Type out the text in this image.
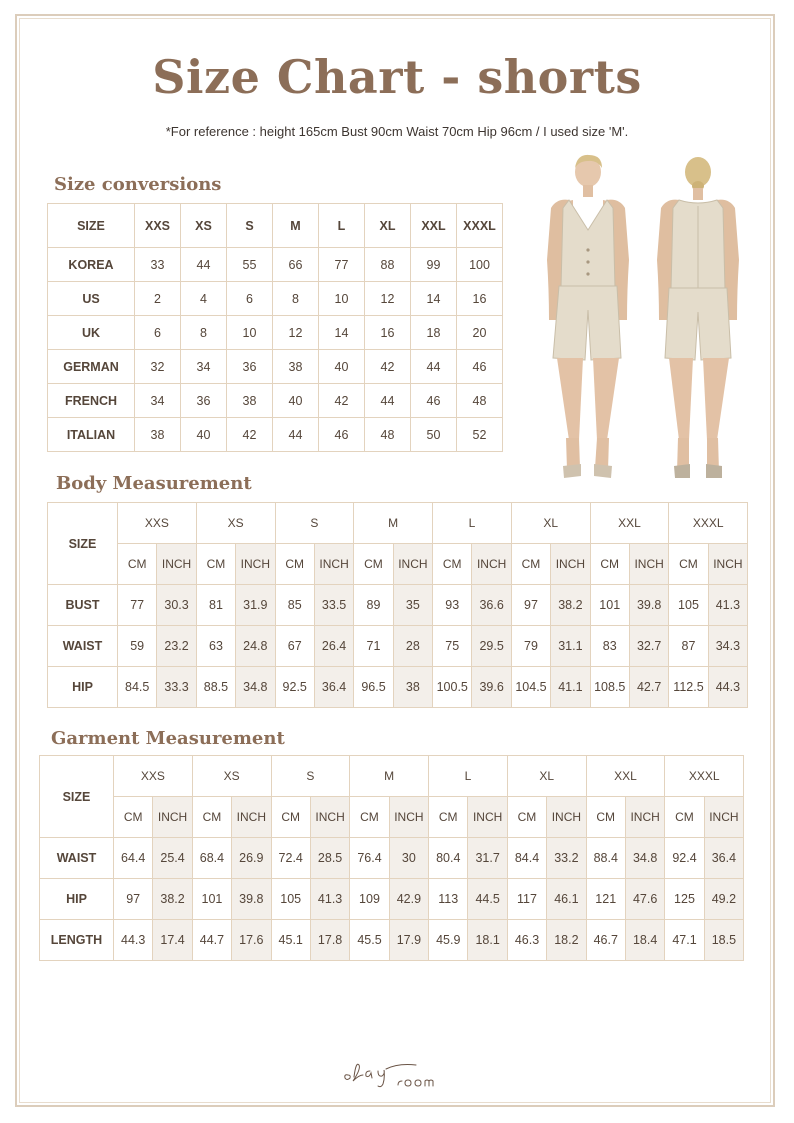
Size Chart - shorts
*For reference : height 165cm Bust 90cm Waist 70cm Hip 96cm / I used size 'M'.
Size conversions
SIZE	XXS	XS	S	M	L	XL	XXL	XXXL
KOREA	33	44	55	66	77	88	99	100
US	2	4	6	8	10	12	14	16
UK	6	8	10	12	14	16	18	20
GERMAN	32	34	36	38	40	42	44	46
FRENCH	34	36	38	40	42	44	46	48
ITALIAN	38	40	42	44	46	48	50	52
Body Measurement
SIZE	XXS		XS		S		M		L		XL		XXL		XXXL	
	CM	INCH	CM	INCH	CM	INCH	CM	INCH	CM	INCH	CM	INCH	CM	INCH	CM	INCH
BUST	77	30.3	81	31.9	85	33.5	89	35	93	36.6	97	38.2	101	39.8	105	41.3
WAIST	59	23.2	63	24.8	67	26.4	71	28	75	29.5	79	31.1	83	32.7	87	34.3
HIP	84.5	33.3	88.5	34.8	92.5	36.4	96.5	38	100.5	39.6	104.5	41.1	108.5	42.7	112.5	44.3
Garment Measurement
SIZE	XXS		XS		S		M		L		XL		XXL		XXXL	
	CM	INCH	CM	INCH	CM	INCH	CM	INCH	CM	INCH	CM	INCH	CM	INCH	CM	INCH
WAIST	64.4	25.4	68.4	26.9	72.4	28.5	76.4	30	80.4	31.7	84.4	33.2	88.4	34.8	92.4	36.4
HIP	97	38.2	101	39.8	105	41.3	109	42.9	113	44.5	117	46.1	121	47.6	125	49.2
LENGTH	44.3	17.4	44.7	17.6	45.1	17.8	45.5	17.9	45.9	18.1	46.3	18.2	46.7	18.4	47.1	18.5
